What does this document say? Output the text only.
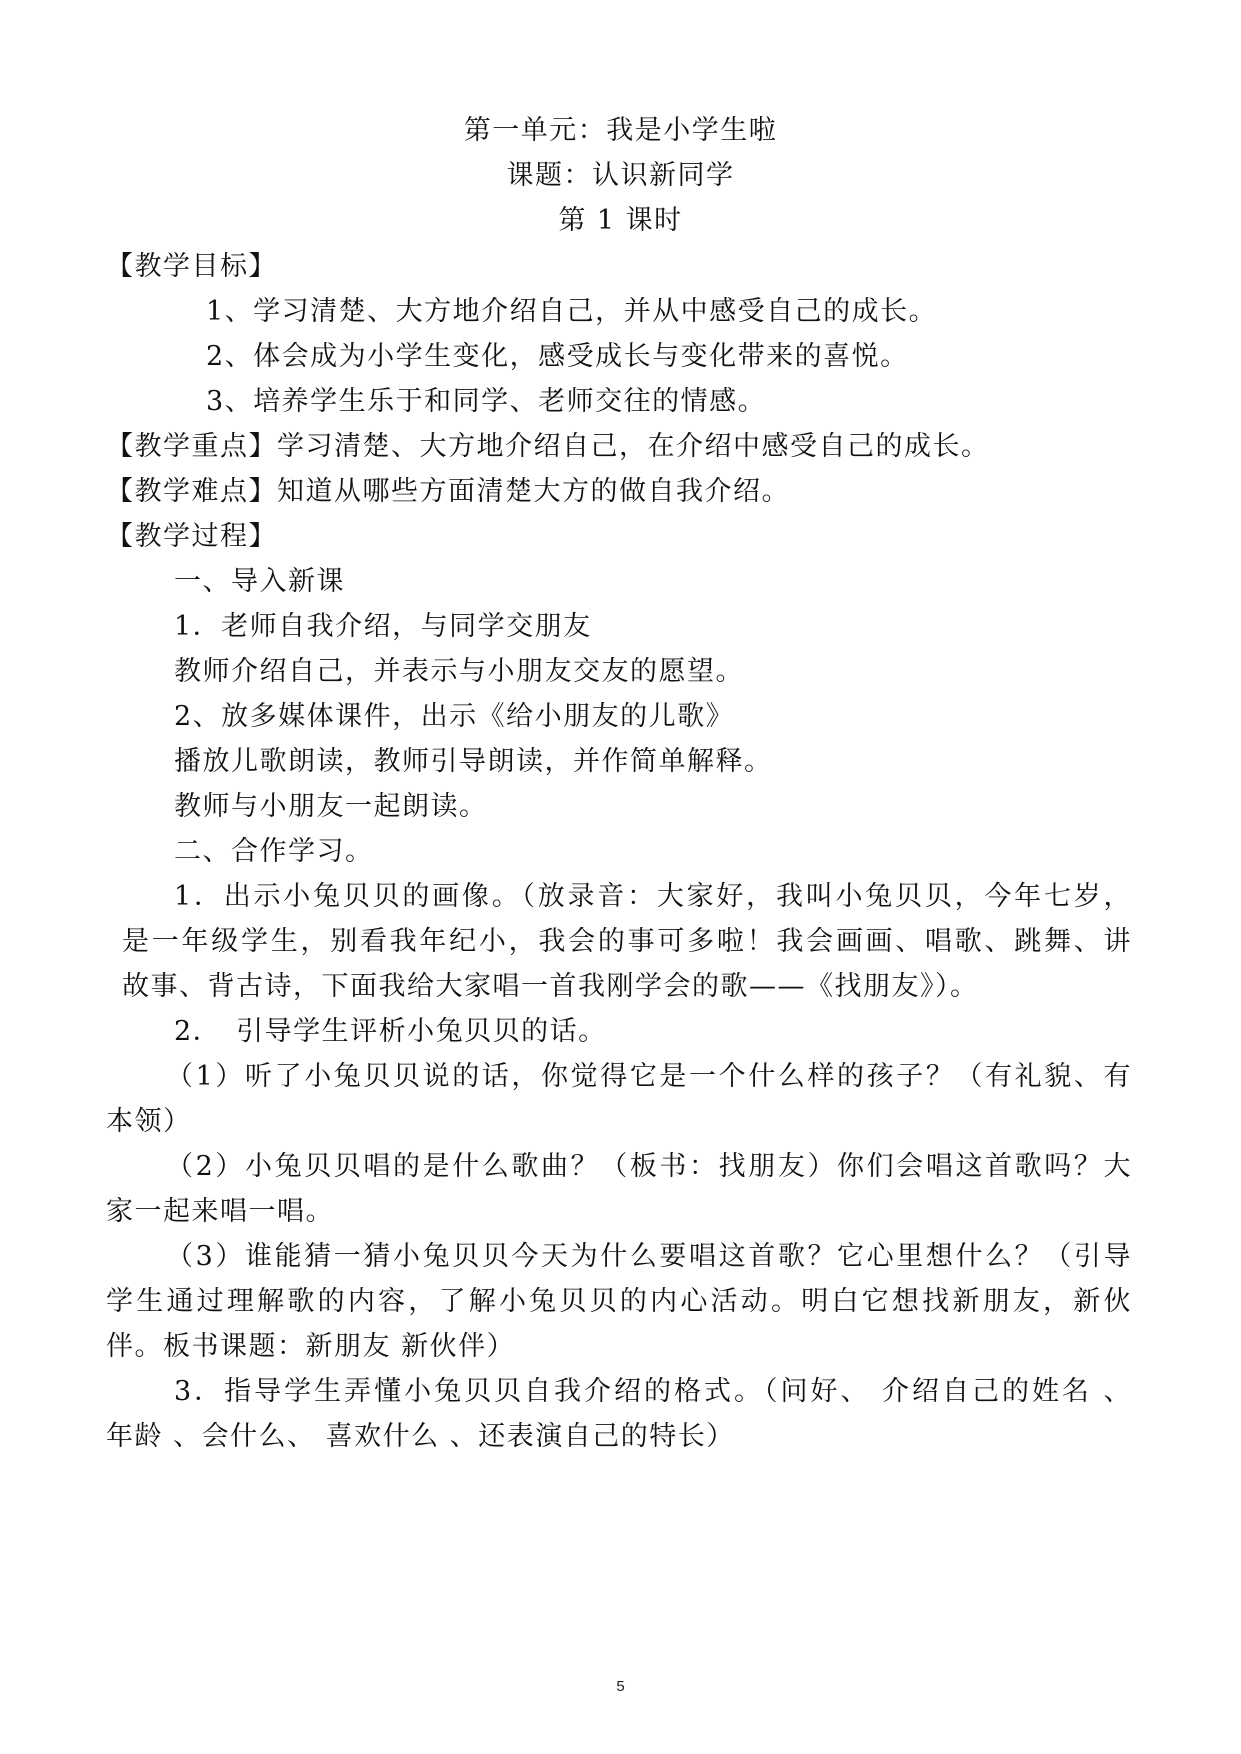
第一单元：我是小学生啦
课题：认识新同学
第 1 课时
【教学目标】
1、学习清楚、大方地介绍自己，并从中感受自己的成长。
2、体会成为小学生变化，感受成长与变化带来的喜悦。
3、培养学生乐于和同学、老师交往的情感。
【教学重点】学习清楚、大方地介绍自己，在介绍中感受自己的成长。
【教学难点】知道从哪些方面清楚大方的做自我介绍。
【教学过程】
一、导入新课
1．老师自我介绍，与同学交朋友
教师介绍自己，并表示与小朋友交友的愿望。
2、放多媒体课件，出示《给小朋友的儿歌》
播放儿歌朗读，教师引导朗读，并作简单解释。
教师与小朋友一起朗读。
二、合作学习。
1．出示小兔贝贝的画像。（放录音：大家好，我叫小兔贝贝，今年七岁，
是一年级学生，别看我年纪小，我会的事可多啦！我会画画、唱歌、跳舞、讲
故事、背古诗，下面我给大家唱一首我刚学会的歌——《找朋友》）。
2．　引导学生评析小兔贝贝的话。
（1）听了小兔贝贝说的话，你觉得它是一个什么样的孩子？（有礼貌、有
本领）
（2）小兔贝贝唱的是什么歌曲？（板书：找朋友）你们会唱这首歌吗？大
家一起来唱一唱。
（3）谁能猜一猜小兔贝贝今天为什么要唱这首歌？它心里想什么？（引导
学生通过理解歌的内容，了解小兔贝贝的内心活动。明白它想找新朋友，新伙
伴。板书课题：新朋友 新伙伴）
3．指导学生弄懂小兔贝贝自我介绍的格式。（问好、 介绍自己的姓名 、
年龄 、会什么、 喜欢什么 、还表演自己的特长）
5
